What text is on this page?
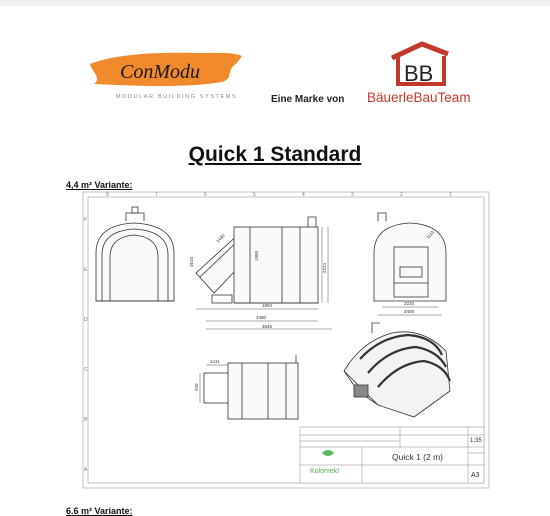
ConModu
MODULAR BUILDING SYSTEMS	Eine Marke von
BB
BäuerleBauTeam
Quick 1 Standard
4,4 m² Variante:
8	7	6	5	4	3	2	1
F
E
D
C
B
A
1430
2610
1950
2314
1994
3490
3546
2220
2400
1115
1411
920
Kolomek!
Quick 1 (2 m)
1:35
A3
6.6 m² Variante:
